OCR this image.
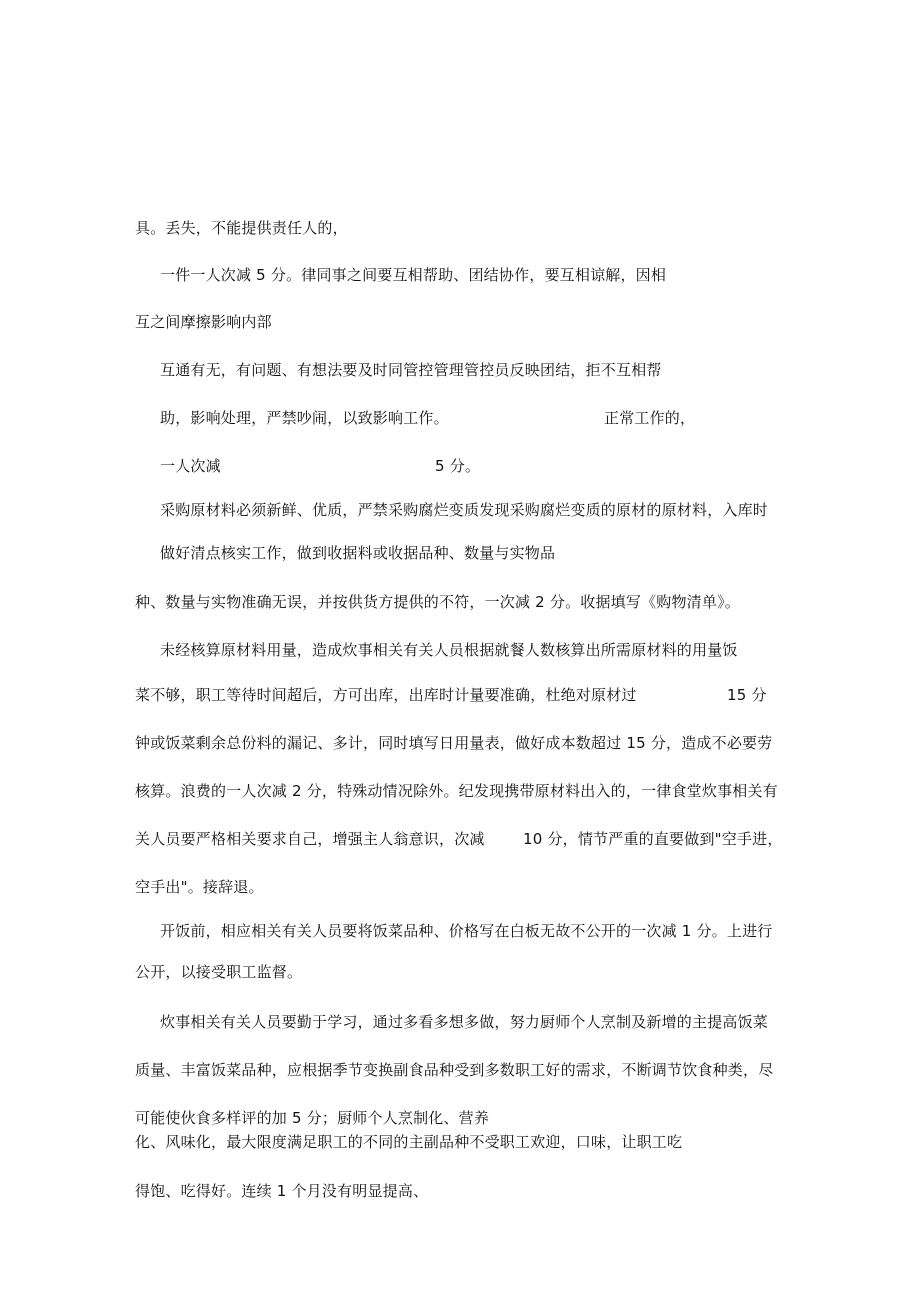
具。丢失，不能提供责任人的，
一件一人次减 5 分。律同事之间要互相帮助、团结协作，要互相谅解，因相
互之间摩擦影响内部
互通有无，有问题、有想法要及时同管控管理管控员反映团结，拒不互相帮
助，影响处理，严禁吵闹，以致影响工作。	正常工作的，
一人次减	5 分。
采购原材料必须新鲜、优质，严禁采购腐烂变质发现采购腐烂变质的原材的原材料，入库时
做好清点核实工作，做到收据料或收据品种、数量与实物品
种、数量与实物准确无误，并按供货方提供的不符，一次减 2 分。收据填写《购物清单》。
未经核算原材料用量，造成炊事相关有关人员根据就餐人数核算出所需原材料的用量饭
菜不够，职工等待时间超后，方可出库，出库时计量要准确，杜绝对原材过	15 分
钟或饭菜剩余总份料的漏记、多计，同时填写日用量表，做好成本数超过 15 分，造成不必要劳
核算。浪费的一人次减 2 分，特殊动情况除外。纪发现携带原材料出入的，一律食堂炊事相关有
关人员要严格相关要求自己，增强主人翁意识，次减	10 分，情节严重的直要做到"空手进，
空手出"。接辞退。
开饭前，相应相关有关人员要将饭菜品种、价格写在白板无故不公开的一次减 1 分。上进行
公开，以接受职工监督。
炊事相关有关人员要勤于学习，通过多看多想多做，努力厨师个人烹制及新增的主提高饭菜
质量、丰富饭菜品种，应根据季节变换副食品种受到多数职工好的需求，不断调节饮食种类，尽
可能使伙食多样评的加 5 分；厨师个人烹制化、营养
化、风味化，最大限度满足职工的不同的主副品种不受职工欢迎，口味，让职工吃
得饱、吃得好。连续 1 个月没有明显提高、
